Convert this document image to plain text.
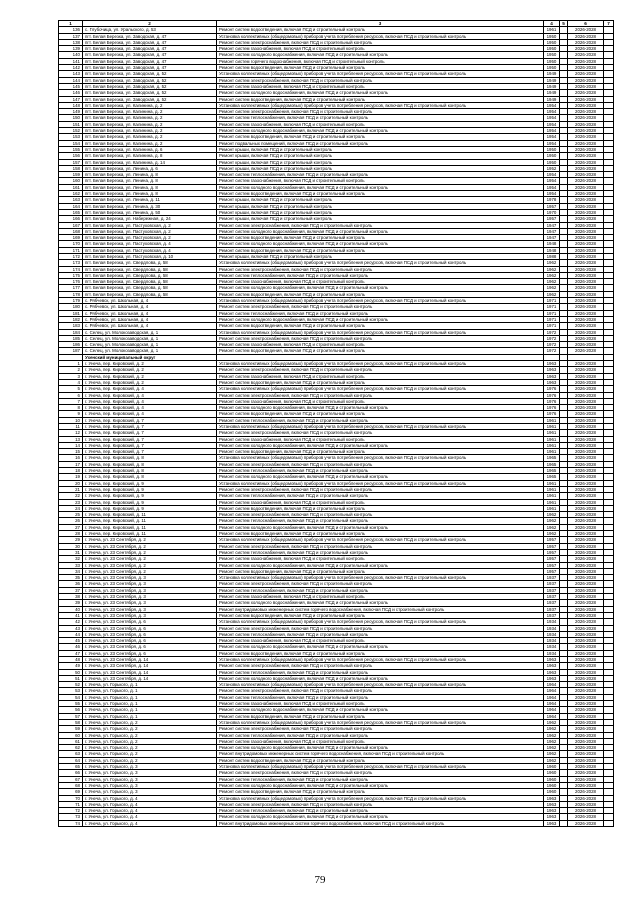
1	2	3	4	5	6	7
136	с. Глубочица, ул. Уральского, д. 53	Ремонт систем водоотведения, включая ПСД и строительный контроль	1961		2026-2028	
137	пгт. Белая Березка, ул. Заводская, д. 47	Установка коллективных (общедомовых) приборов учета потребления ресурсов, включая ПСД и строительный контроль	1950		2026-2028	
138	пгт. Белая Березка, ул. Заводская, д. 47	Ремонт систем электроснабжения, включая ПСД и строительный контроль	1950		2026-2028	
139	пгт. Белая Березка, ул. Заводская, д. 47	Ремонт систем газоснабжения, включая ПСД и строительный контроль	1950		2026-2028	
140	пгт. Белая Березка, ул. Заводская, д. 47	Ремонт систем холодного водоснабжения, включая ПСД и строительный контроль	1950		2026-2028	
141	пгт. Белая Березка, ул. Заводская, д. 47	Ремонт систем горячего водоснабжения, включая ПСД и строительный контроль	1950		2026-2028	
142	пгт. Белая Березка, ул. Заводская, д. 47	Ремонт систем водоотведения, включая ПСД и строительный контроль	1950		2026-2028	
143	пгт. Белая Березка, ул. Заводская, д. 52	Установка коллективных (общедомовых) приборов учета потребления ресурсов, включая ПСД и строительный контроль	1949		2026-2028	
144	пгт. Белая Березка, ул. Заводская, д. 52	Ремонт систем электроснабжения, включая ПСД и строительный контроль	1949		2026-2028	
145	пгт. Белая Березка, ул. Заводская, д. 52	Ремонт систем газоснабжения, включая ПСД и строительный контроль	1949		2026-2028	
146	пгт. Белая Березка, ул. Заводская, д. 52	Ремонт систем холодного водоснабжения, включая ПСД и строительный контроль	1949		2026-2028	
147	пгт. Белая Березка, ул. Заводская, д. 52	Ремонт систем водоотведения, включая ПСД и строительный контроль	1949		2026-2028	
148	пгт. Белая Березка, ул. Калинина, д. 2	Установка коллективных (общедомовых) приборов учета потребления ресурсов, включая ПСД и строительный контроль	1954		2026-2028	
149	пгт. Белая Березка, ул. Калинина, д. 2	Ремонт систем электроснабжения, включая ПСД и строительный контроль	1954		2026-2028	
150	пгт. Белая Березка, ул. Калинина, д. 2	Ремонт систем теплоснабжения, включая ПСД и строительный контроль	1954		2026-2028	
151	пгт. Белая Березка, ул. Калинина, д. 2	Ремонт систем газоснабжения, включая ПСД и строительный контроль	1954		2026-2028	
152	пгт. Белая Березка, ул. Калинина, д. 2	Ремонт систем холодного водоснабжения, включая ПСД и строительный контроль	1954		2026-2028	
153	пгт. Белая Березка, ул. Калинина, д. 2	Ремонт систем водоотведения, включая ПСД и строительный контроль	1954		2026-2028	
154	пгт. Белая Березка, ул. Калинина, д. 2	Ремонт подвальных помещений, включая ПСД и строительный контроль	1954		2026-2028	
155	пгт. Белая Березка, ул. Калинина, д. 6	Ремонт крыши, включая ПСД и строительный контроль	1950		2026-2028	
156	пгт. Белая Березка, ул. Калинина, д. 8	Ремонт крыши, включая ПСД и строительный контроль	1950		2026-2028	
157	пгт. Белая Березка, ул. Калинина, д. 14	Ремонт крыши, включая ПСД и строительный контроль	1950		2026-2028	
158	пгт. Белая Березка, ул. Ленина, д. 6	Ремонт крыши, включая ПСД и строительный контроль	1952		2026-2028	
159	пгт. Белая Березка, ул. Ленина, д. 8	Ремонт систем теплоснабжения, включая ПСД и строительный контроль	1954		2026-2028	
160	пгт. Белая Березка, ул. Ленина, д. 8	Ремонт систем газоснабжения, включая ПСД и строительный контроль	1954		2026-2028	
161	пгт. Белая Березка, ул. Ленина, д. 8	Ремонт систем холодного водоснабжения, включая ПСД и строительный контроль	1954		2026-2028	
162	пгт. Белая Березка, ул. Ленина, д. 8	Ремонт систем водоотведения, включая ПСД и строительный контроль	1954		2026-2028	
163	пгт. Белая Березка, ул. Ленина, д. 11	Ремонт крыши, включая ПСД и строительный контроль	1978		2026-2028	
164	пгт. Белая Березка, ул. Ленина, д. 30	Ремонт крыши, включая ПСД и строительный контроль	1957		2026-2028	
165	пгт. Белая Березка, ул. Ленина, д. 50	Ремонт крыши, включая ПСД и строительный контроль	1970		2026-2028	
166	пгт. Белая Березка, ул. Набережная, д. 24	Ремонт крыши, включая ПСД и строительный контроль	1957		2026-2028	
167	пгт. Белая Березка, ул. Пастуховская, д. 2	Ремонт систем электроснабжения, включая ПСД и строительный контроль	1947		2026-2028	
168	пгт. Белая Березка, ул. Пастуховская, д. 2	Ремонт систем холодного водоснабжения, включая ПСД и строительный контроль	1947		2026-2028	
169	пгт. Белая Березка, ул. Пастуховская, д. 2	Ремонт систем водоотведения, включая ПСД и строительный контроль	1947		2026-2028	
170	пгт. Белая Березка, ул. Пастуховская, д. 4	Ремонт систем холодного водоснабжения, включая ПСД и строительный контроль	1948		2026-2028	
171	пгт. Белая Березка, ул. Пастуховская, д. 4	Ремонт систем водоотведения, включая ПСД и строительный контроль	1948		2026-2028	
172	пгт. Белая Березка, ул. Пастуховская, д. 10	Ремонт крыши, включая ПСД и строительный контроль	1988		2026-2028	
173	пгт. Белая Березка, ул. Свердлова, д. 58	Установка коллективных (общедомовых) приборов учета потребления ресурсов, включая ПСД и строительный контроль	1962		2026-2028	
174	пгт. Белая Березка, ул. Свердлова, д. 58	Ремонт систем электроснабжения, включая ПСД и строительный контроль	1962		2026-2028	
175	пгт. Белая Березка, ул. Свердлова, д. 58	Ремонт систем теплоснабжения, включая ПСД и строительный контроль	1962		2026-2028	
176	пгт. Белая Березка, ул. Свердлова, д. 58	Ремонт систем газоснабжения, включая ПСД и строительный контроль	1962		2026-2028	
177	пгт. Белая Березка, ул. Свердлова, д. 58	Ремонт систем холодного водоснабжения, включая ПСД и строительный контроль	1962		2026-2028	
178	пгт. Белая Березка, ул. Свердлова, д. 58	Ремонт систем водоотведения, включая ПСД и строительный контроль	1962		2026-2028	
179	с. Рябчевск, ул. Школьная, д. 4	Установка коллективных (общедомовых) приборов учета потребления ресурсов, включая ПСД и строительный контроль	1971		2026-2028	
180	с. Рябчевск, ул. Школьная, д. 4	Ремонт систем электроснабжения, включая ПСД и строительный контроль	1971		2026-2028	
181	с. Рябчевск, ул. Школьная, д. 4	Ремонт систем теплоснабжения, включая ПСД и строительный контроль	1971		2026-2028	
182	с. Рябчевск, ул. Школьная, д. 4	Ремонт систем холодного водоснабжения, включая ПСД и строительный контроль	1971		2026-2028	
183	с. Рябчевск, ул. Школьная, д. 4	Ремонт систем водоотведения, включая ПСД и строительный контроль	1971		2026-2028	
184	с. Селец, ул. Молокозаводская, д. 1	Установка коллективных (общедомовых) приборов учета потребления ресурсов, включая ПСД и строительный контроль	1972		2026-2028	
185	с. Селец, ул. Молокозаводская, д. 1	Ремонт систем электроснабжения, включая ПСД и строительный контроль	1972		2026-2028	
186	с. Селец, ул. Молокозаводская, д. 1	Ремонт систем газоснабжения, включая ПСД и строительный контроль	1972		2026-2028	
187	с. Селец, ул. Молокозаводская, д. 1	Ремонт систем водоотведения, включая ПСД и строительный контроль	1972		2026-2028	
	Ухенский муниципальный округ					
1	г. Унеча, пер. Кировский, д. 2	Установка коллективных (общедомовых) приборов учета потребления ресурсов, включая ПСД и строительный контроль	1963		2026-2028	
2	г. Унеча, пер. Кировский, д. 2	Ремонт систем электроснабжения, включая ПСД и строительный контроль	1963		2026-2028	
3	г. Унеча, пер. Кировский, д. 2	Ремонт систем газоснабжения, включая ПСД и строительный контроль	1963		2026-2028	
4	г. Унеча, пер. Кировский, д. 2	Ремонт систем водоотведения, включая ПСД и строительный контроль	1963		2026-2028	
5	г. Унеча, пер. Кировский, д. 4	Установка коллективных (общедомовых) приборов учета потребления ресурсов, включая ПСД и строительный контроль	1976		2026-2028	
6	г. Унеча, пер. Кировский, д. 4	Ремонт систем электроснабжения, включая ПСД и строительный контроль	1976		2026-2028	
7	г. Унеча, пер. Кировский, д. 4	Ремонт систем газоснабжения, включая ПСД и строительный контроль	1976		2026-2028	
8	г. Унеча, пер. Кировский, д. 4	Ремонт систем холодного водоснабжения, включая ПСД и строительный контроль	1976		2026-2028	
9	г. Унеча, пер. Кировский, д. 4	Ремонт систем водоотведения, включая ПСД и строительный контроль	1976		2026-2028	
10	г. Унеча, пер. Кировский, д. 7	Ремонт систем теплоснабжения, включая ПСД и строительный контроль	1961		2026-2028	
11	г. Унеча, пер. Кировский, д. 7	Установка коллективных (общедомовых) приборов учета потребления ресурсов, включая ПСД и строительный контроль	1961		2026-2028	
12	г. Унеча, пер. Кировский, д. 7	Ремонт систем электроснабжения, включая ПСД и строительный контроль	1961		2026-2028	
13	г. Унеча, пер. Кировский, д. 7	Ремонт систем газоснабжения, включая ПСД и строительный контроль	1961		2026-2028	
14	г. Унеча, пер. Кировский, д. 7	Ремонт систем холодного водоснабжения, включая ПСД и строительный контроль	1961		2026-2028	
15	г. Унеча, пер. Кировский, д. 7	Ремонт систем водоотведения, включая ПСД и строительный контроль	1961		2026-2028	
16	г. Унеча, пер. Кировский, д. 8	Установка коллективных (общедомовых) приборов учета потребления ресурсов, включая ПСД и строительный контроль	1965		2026-2028	
17	г. Унеча, пер. Кировский, д. 8	Ремонт систем электроснабжения, включая ПСД и строительный контроль	1965		2026-2028	
18	г. Унеча, пер. Кировский, д. 8	Ремонт систем теплоснабжения, включая ПСД и строительный контроль	1965		2026-2028	
19	г. Унеча, пер. Кировский, д. 8	Ремонт систем холодного водоснабжения, включая ПСД и строительный контроль	1965		2026-2028	
20	г. Унеча, пер. Кировский, д. 9	Установка коллективных (общедомовых) приборов учета потребления ресурсов, включая ПСД и строительный контроль	1961		2026-2028	
21	г. Унеча, пер. Кировский, д. 9	Ремонт систем электроснабжения, включая ПСД и строительный контроль	1961		2026-2028	
22	г. Унеча, пер. Кировский, д. 9	Ремонт систем теплоснабжения, включая ПСД и строительный контроль	1961		2026-2028	
23	г. Унеча, пер. Кировский, д. 9	Ремонт систем газоснабжения, включая ПСД и строительный контроль	1961		2026-2028	
24	г. Унеча, пер. Кировский, д. 9	Ремонт систем водоотведения, включая ПСД и строительный контроль	1961		2026-2028	
25	г. Унеча, пер. Кировский, д. 11	Ремонт систем электроснабжения, включая ПСД и строительный контроль	1962		2026-2028	
26	г. Унеча, пер. Кировский, д. 11	Ремонт систем теплоснабжения, включая ПСД и строительный контроль	1962		2026-2028	
27	г. Унеча, пер. Кировский, д. 11	Ремонт систем холодного водоснабжения, включая ПСД и строительный контроль	1962		2026-2028	
28	г. Унеча, пер. Кировский, д. 11	Ремонт систем водоотведения, включая ПСД и строительный контроль	1962		2026-2028	
29	г. Унеча, ул. 23 Сентября, д. 2	Установка коллективных (общедомовых) приборов учета потребления ресурсов, включая ПСД и строительный контроль	1957		2026-2028	
30	г. Унеча, ул. 23 Сентября, д. 2	Ремонт систем электроснабжения, включая ПСД и строительный контроль	1957		2026-2028	
31	г. Унеча, ул. 23 Сентября, д. 2	Ремонт систем теплоснабжения, включая ПСД и строительный контроль	1957		2026-2028	
32	г. Унеча, ул. 23 Сентября, д. 2	Ремонт систем газоснабжения, включая ПСД и строительный контроль	1957		2026-2028	
33	г. Унеча, ул. 23 Сентября, д. 2	Ремонт систем холодного водоснабжения, включая ПСД и строительный контроль	1957		2026-2028	
34	г. Унеча, ул. 23 Сентября, д. 2	Ремонт систем водоотведения, включая ПСД и строительный контроль	1957		2026-2028	
35	г. Унеча, ул. 23 Сентября, д. 3	Установка коллективных (общедомовых) приборов учета потребления ресурсов, включая ПСД и строительный контроль	1937		2026-2028	
36	г. Унеча, ул. 23 Сентября, д. 3	Ремонт систем электроснабжения, включая ПСД и строительный контроль	1937		2026-2028	
37	г. Унеча, ул. 23 Сентября, д. 3	Ремонт систем теплоснабжения, включая ПСД и строительный контроль	1937		2026-2028	
38	г. Унеча, ул. 23 Сентября, д. 3	Ремонт систем газоснабжения, включая ПСД и строительный контроль	1937		2026-2028	
39	г. Унеча, ул. 23 Сентября, д. 3	Ремонт систем холодного водоснабжения, включая ПСД и строительный контроль	1937		2026-2028	
40	г. Унеча, ул. 23 Сентября, д. 3	Ремонт внутридомовых инженерных систем горячего водоснабжения, включая ПСД и строительный контроль	1937		2026-2028	
41	г. Унеча, ул. 23 Сентября, д. 3	Ремонт систем водоотведения, включая ПСД и строительный контроль	1937		2026-2028	
42	г. Унеча, ул. 23 Сентября, д. 6	Установка коллективных (общедомовых) приборов учета потребления ресурсов, включая ПСД и строительный контроль	1934		2026-2028	
43	г. Унеча, ул. 23 Сентября, д. 6	Ремонт систем электроснабжения, включая ПСД и строительный контроль	1934		2026-2028	
44	г. Унеча, ул. 23 Сентября, д. 6	Ремонт систем теплоснабжения, включая ПСД и строительный контроль	1934		2026-2028	
45	г. Унеча, ул. 23 Сентября, д. 6	Ремонт систем газоснабжения, включая ПСД и строительный контроль	1934		2026-2028	
46	г. Унеча, ул. 23 Сентября, д. 6	Ремонт систем холодного водоснабжения, включая ПСД и строительный контроль	1934		2026-2028	
47	г. Унеча, ул. 23 Сентября, д. 6	Ремонт систем водоотведения, включая ПСД и строительный контроль	1934		2026-2028	
48	г. Унеча, ул. 23 Сентября, д. 14	Установка коллективных (общедомовых) приборов учета потребления ресурсов, включая ПСД и строительный контроль	1963		2026-2028	
49	г. Унеча, ул. 23 Сентября, д. 14	Ремонт систем электроснабжения, включая ПСД и строительный контроль	1963		2026-2028	
50	г. Унеча, ул. 23 Сентября, д. 14	Ремонт систем теплоснабжения, включая ПСД и строительный контроль	1963		2026-2028	
51	г. Унеча, ул. 23 Сентября, д. 14	Ремонт систем холодного водоснабжения, включая ПСД и строительный контроль	1963		2026-2028	
52	г. Унеча, ул. Горького, д. 1	Установка коллективных (общедомовых) приборов учета потребления ресурсов, включая ПСД и строительный контроль	1964		2026-2028	
53	г. Унеча, ул. Горького, д. 1	Ремонт систем электроснабжения, включая ПСД и строительный контроль	1964		2026-2028	
54	г. Унеча, ул. Горького, д. 1	Ремонт систем теплоснабжения, включая ПСД и строительный контроль	1964		2026-2028	
55	г. Унеча, ул. Горького, д. 1	Ремонт систем газоснабжения, включая ПСД и строительный контроль	1964		2026-2028	
56	г. Унеча, ул. Горького, д. 1	Ремонт систем холодного водоснабжения, включая ПСД и строительный контроль	1964		2026-2028	
57	г. Унеча, ул. Горького, д. 1	Ремонт систем водоотведения, включая ПСД и строительный контроль	1964		2026-2028	
58	г. Унеча, ул. Горького, д. 2	Установка коллективных (общедомовых) приборов учета потребления ресурсов, включая ПСД и строительный контроль	1962		2026-2028	
59	г. Унеча, ул. Горького, д. 2	Ремонт систем электроснабжения, включая ПСД и строительный контроль	1962		2026-2028	
60	г. Унеча, ул. Горького, д. 2	Ремонт систем теплоснабжения, включая ПСД и строительный контроль	1962		2026-2028	
61	г. Унеча, ул. Горького, д. 2	Ремонт систем газоснабжения, включая ПСД и строительный контроль	1962		2026-2028	
62	г. Унеча, ул. Горького, д. 2	Ремонт систем холодного водоснабжения, включая ПСД и строительный контроль	1962		2026-2028	
63	г. Унеча, ул. Горького, д. 2	Ремонт внутридомовых инженерных систем горячего водоснабжения, включая ПСД и строительный контроль	1962		2026-2028	
64	г. Унеча, ул. Горького, д. 2	Ремонт систем водоотведения, включая ПСД и строительный контроль	1962		2026-2028	
65	г. Унеча, ул. Горького, д. 3	Установка коллективных (общедомовых) приборов учета потребления ресурсов, включая ПСД и строительный контроль	1960		2026-2028	
66	г. Унеча, ул. Горького, д. 3	Ремонт систем электроснабжения, включая ПСД и строительный контроль	1960		2026-2028	
67	г. Унеча, ул. Горького, д. 3	Ремонт систем теплоснабжения, включая ПСД и строительный контроль	1960		2026-2028	
68	г. Унеча, ул. Горького, д. 3	Ремонт систем холодного водоснабжения, включая ПСД и строительный контроль	1960		2026-2028	
69	г. Унеча, ул. Горького, д. 3	Ремонт систем водоотведения, включая ПСД и строительный контроль	1960		2026-2028	
70	г. Унеча, ул. Горького, д. 4	Установка коллективных (общедомовых) приборов учета потребления ресурсов, включая ПСД и строительный контроль	1963		2026-2028	
71	г. Унеча, ул. Горького, д. 4	Ремонт систем электроснабжения, включая ПСД и строительный контроль	1963		2026-2028	
72	г. Унеча, ул. Горького, д. 4	Ремонт систем теплоснабжения, включая ПСД и строительный контроль	1963		2026-2028	
73	г. Унеча, ул. Горького, д. 4	Ремонт систем холодного водоснабжения, включая ПСД и строительный контроль	1963		2026-2028	
74	г. Унеча, ул. Горького, д. 4	Ремонт внутридомовых инженерных систем горячего водоснабжения, включая ПСД и строительный контроль	1963		2026-2028	
79
